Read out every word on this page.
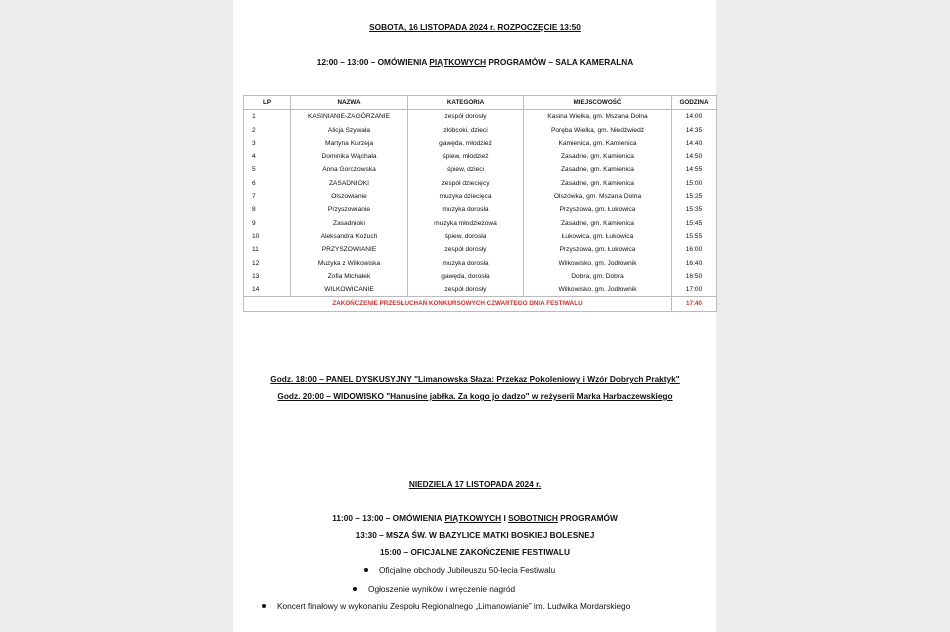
SOBOTA, 16 LISTOPADA 2024 r. ROZPOCZĘCIE 13:50
12:00 – 13:00 – OMÓWIENIA PIĄTKOWYCH PROGRAMÓW – SALA KAMERALNA
LP	NAZWA	KATEGORIA	MIEJSCOWOŚĆ	GODZINA
1	KASINIANIE-ZAGÓRZANIE	zespół dorosły	Kasina Wielka, gm. Mszana Dolna	14:00
2	Alicja Szywała	złóbcoki, dzieci	Poręba Wielka, gm. Niedźwiedź	14:35
3	Martyna Kurzeja	gawęda, młodzież	Kamienica, gm. Kamienica	14:40
4	Dominika Wąchała	śpiew, młodzież	Zasadne, gm. Kamienica	14:50
5	Anna Gorczowska	śpiew, dzieci	Zasadne, gm. Kamienica	14:55
6	ZASADNIOKI	zespół dziecięcy	Zasadne, gm. Kamienica	15:00
7	Olszowianie	muzyka dziecięca	Olszówka, gm. Mszana Dolna	15:25
8	Przyszowianie	muzyka dorosła	Przyszowa, gm. Łukowica	15:35
9	Zasadnioki	muzyka młodzieżowa	Zasadne, gm. Kamienica	15:45
10	Aleksandra Kożuch	śpiew, dorosła	Łukowica, gm. Łukowica	15:55
11	PRZYSZOWIANIE	zespół dorosły	Przyszowa, gm. Łukowica	16:00
12	Muzyka z Wilkowiska	muzyka dorosła	Wilkowisko, gm. Jodłownik	16:40
13	Zofia Michałek	gawęda, dorosła	Dobra, gm. Dobra	16:50
14	WILKOWICANIE	zespół dorosły	Wilkowisko, gm. Jodłownik	17:00
ZAKOŃCZENIE PRZESŁUCHAŃ KONKURSOWYCH CZWARTEGO DNIA FESTIWALU				17:40
Godz. 18:00 – PANEL DYSKUSYJNY "Limanowska Słaza: Przekaz Pokoleniowy i Wzór Dobrych Praktyk"
Godz. 20:00 – WIDOWISKO "Hanusine jabłka. Za kogo jo dadzo" w reżyserii Marka Harbaczewskiego
NIEDZIELA 17 LISTOPADA 2024 r.
11:00 – 13:00 – OMÓWIENIA PIĄTKOWYCH I SOBOTNICH PROGRAMÓW
13:30 – MSZA ŚW. W BAZYLICE MATKI BOSKIEJ BOLESNEJ
15:00 – OFICJALNE ZAKOŃCZENIE FESTIWALU
Oficjalne obchody Jubileuszu 50-lecia Festiwalu
Ogłoszenie wyników i wręczenie nagród
Koncert finałowy w wykonaniu Zespołu Regionalnego „Limanowianie” im. Ludwika Mordarskiego
